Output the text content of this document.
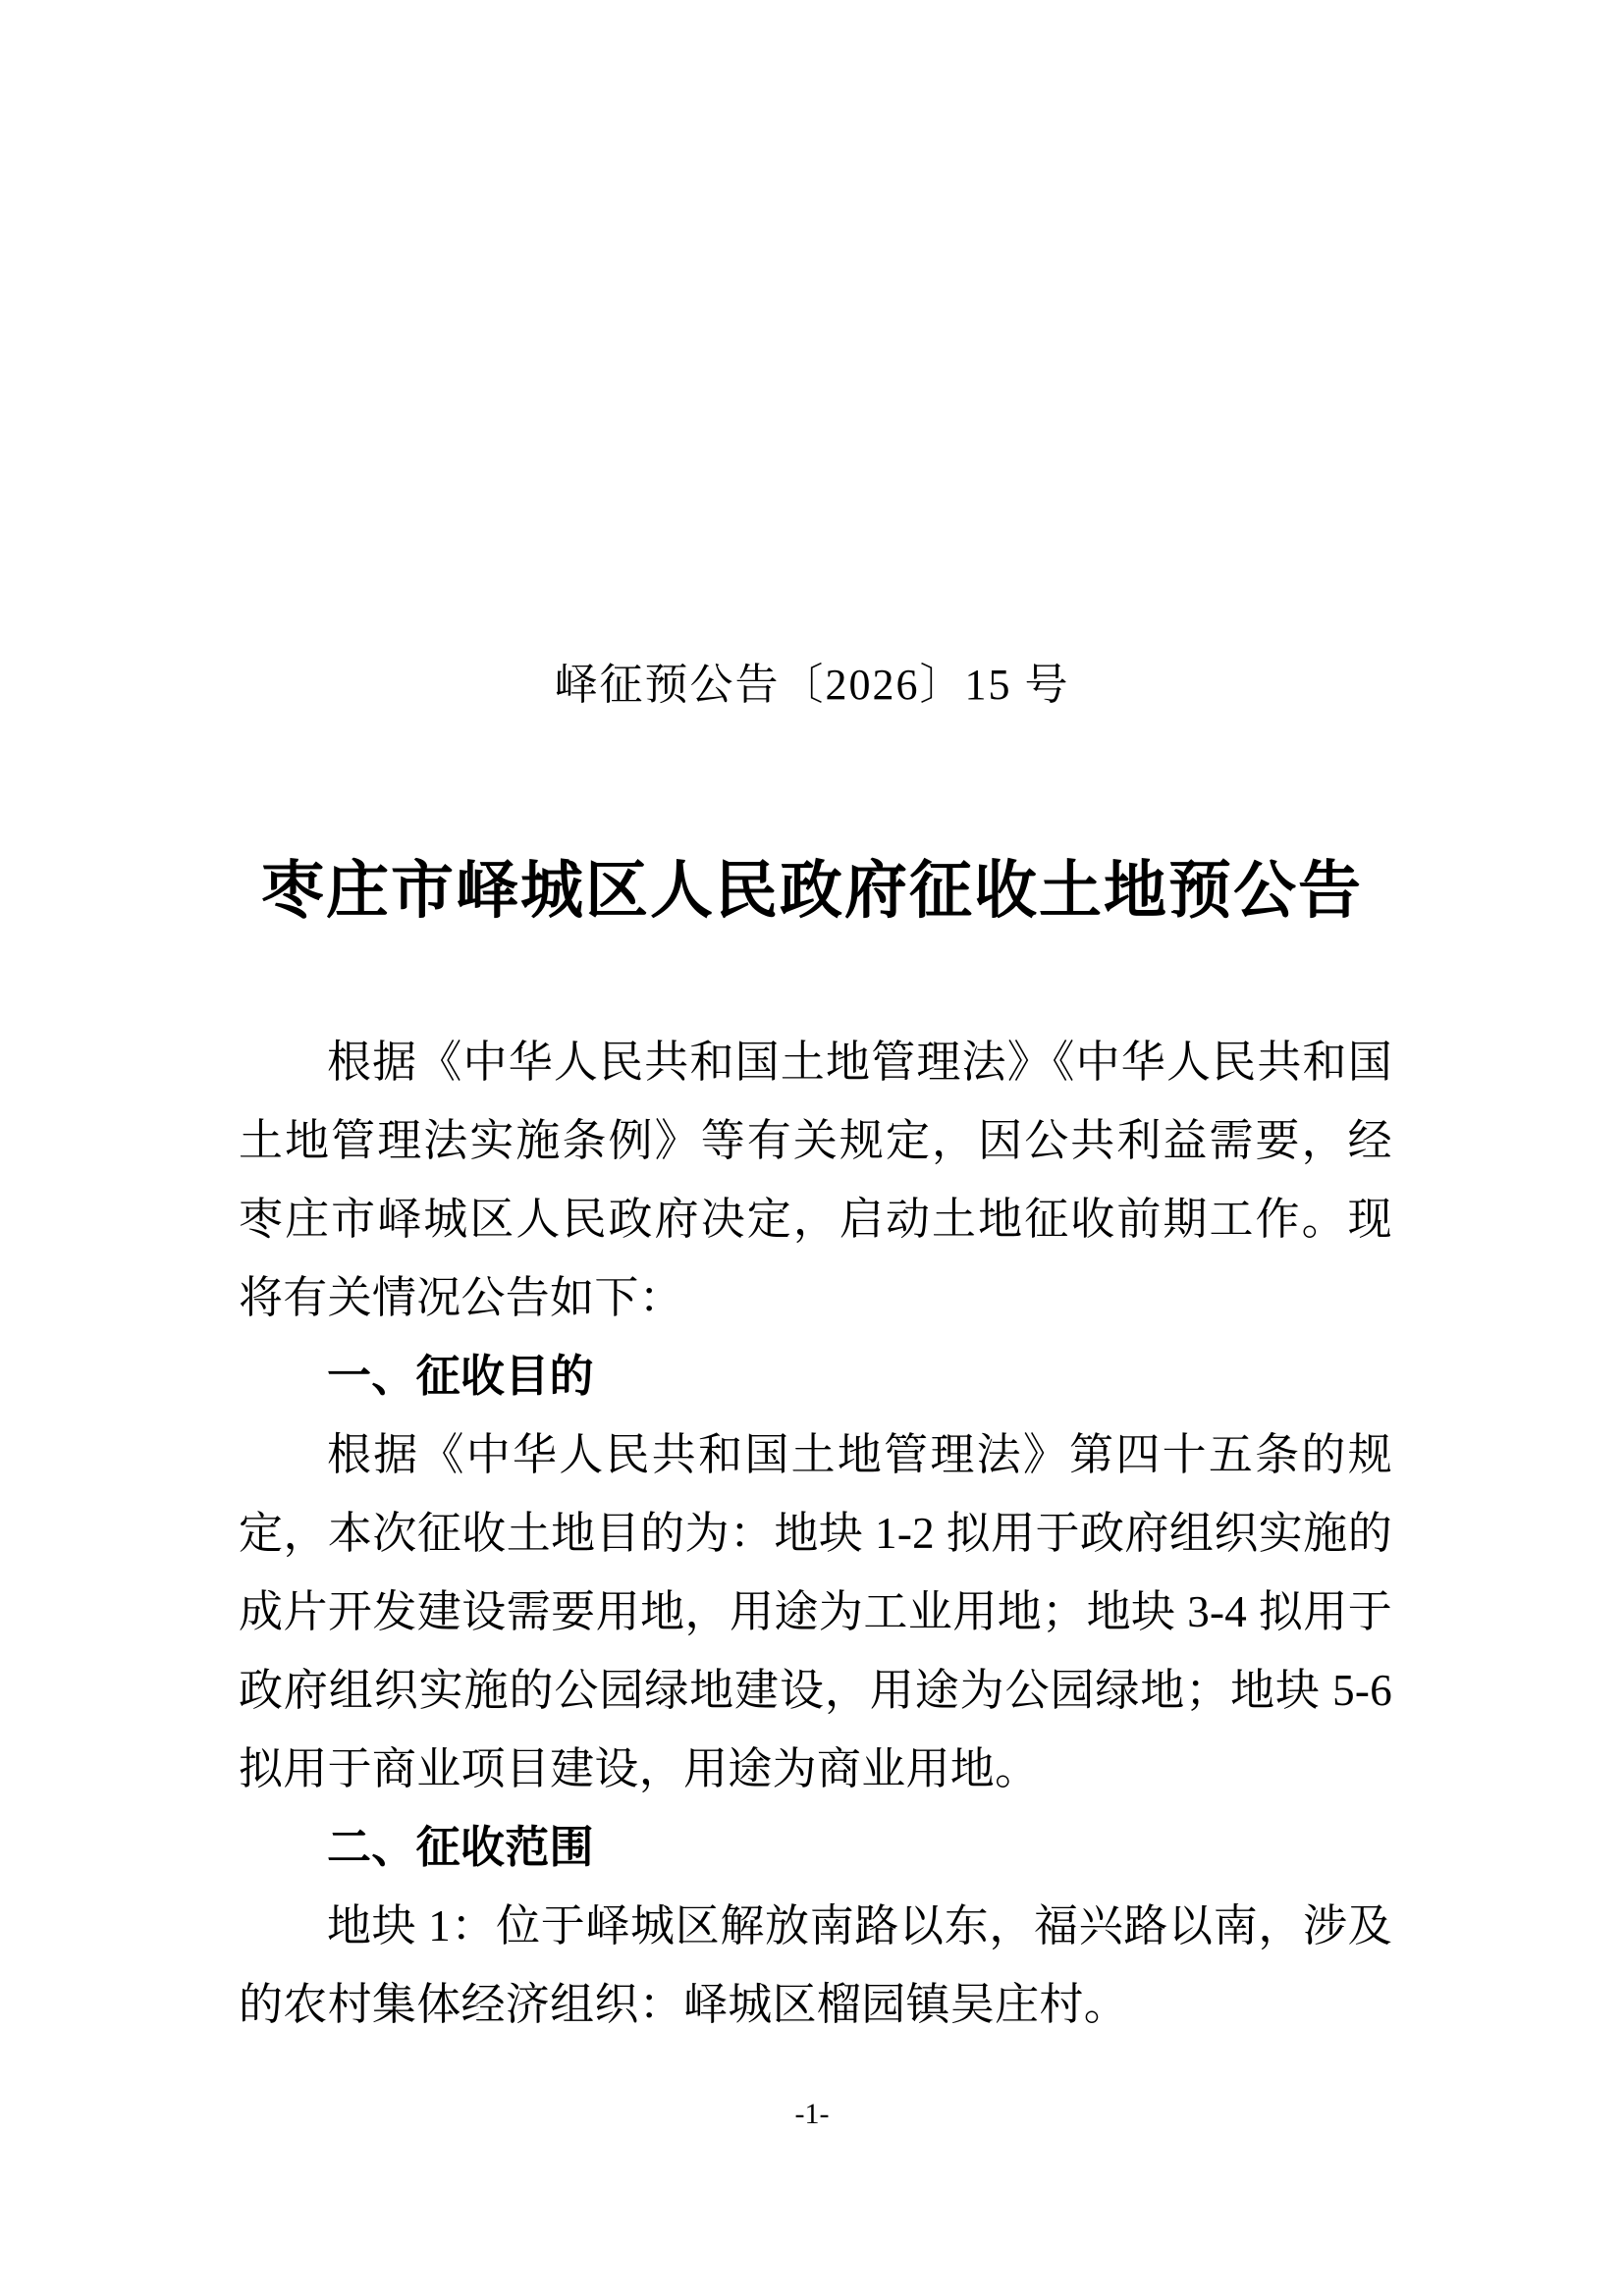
峄征预公告〔2026〕15 号
枣庄市峄城区人民政府征收土地预公告

根据《中华人民共和国土地管理法》《中华人民共和国土地管理法实施条例》等有关规定，因公共利益需要，经枣庄市峄城区人民政府决定，启动土地征收前期工作。现将有关情况公告如下：

一、征收目的

根据《中华人民共和国土地管理法》第四十五条的规定，本次征收土地目的为：地块 1-2 拟用于政府组织实施的成片开发建设需要用地，用途为工业用地；地块 3-4 拟用于政府组织实施的公园绿地建设，用途为公园绿地；地块 5-6 拟用于商业项目建设，用途为商业用地。

二、征收范围

地块 1：位于峄城区解放南路以东，福兴路以南，涉及的农村集体经济组织：峄城区榴园镇吴庄村。

-1-
